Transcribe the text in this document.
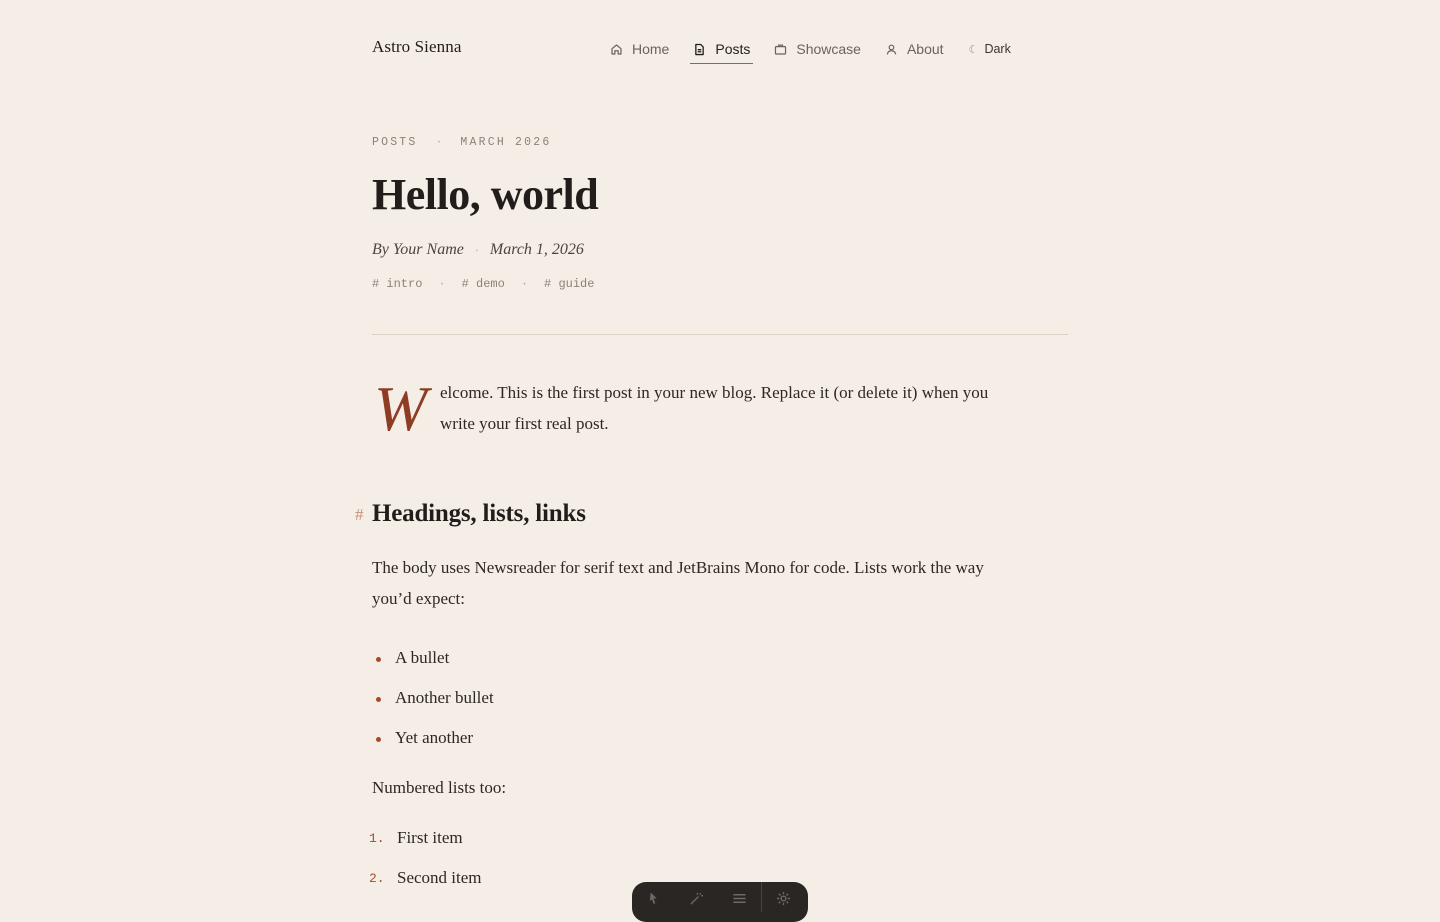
Astro Sienna	Home	Posts	Showcase	About ☾ Dark
POSTS · MARCH 2026
Hello, world
By Your Name · March 1, 2026
# intro · # demo · # guide

W elcome. This is the first post in your new blog. Replace it (or delete it) when you write your first real post.

# Headings, lists, links

The body uses Newsreader for serif text and JetBrains Mono for code. Lists work the way you’d expect:

A bullet
Another bullet
Yet another

Numbered lists too:

1. First item
2. Second item
